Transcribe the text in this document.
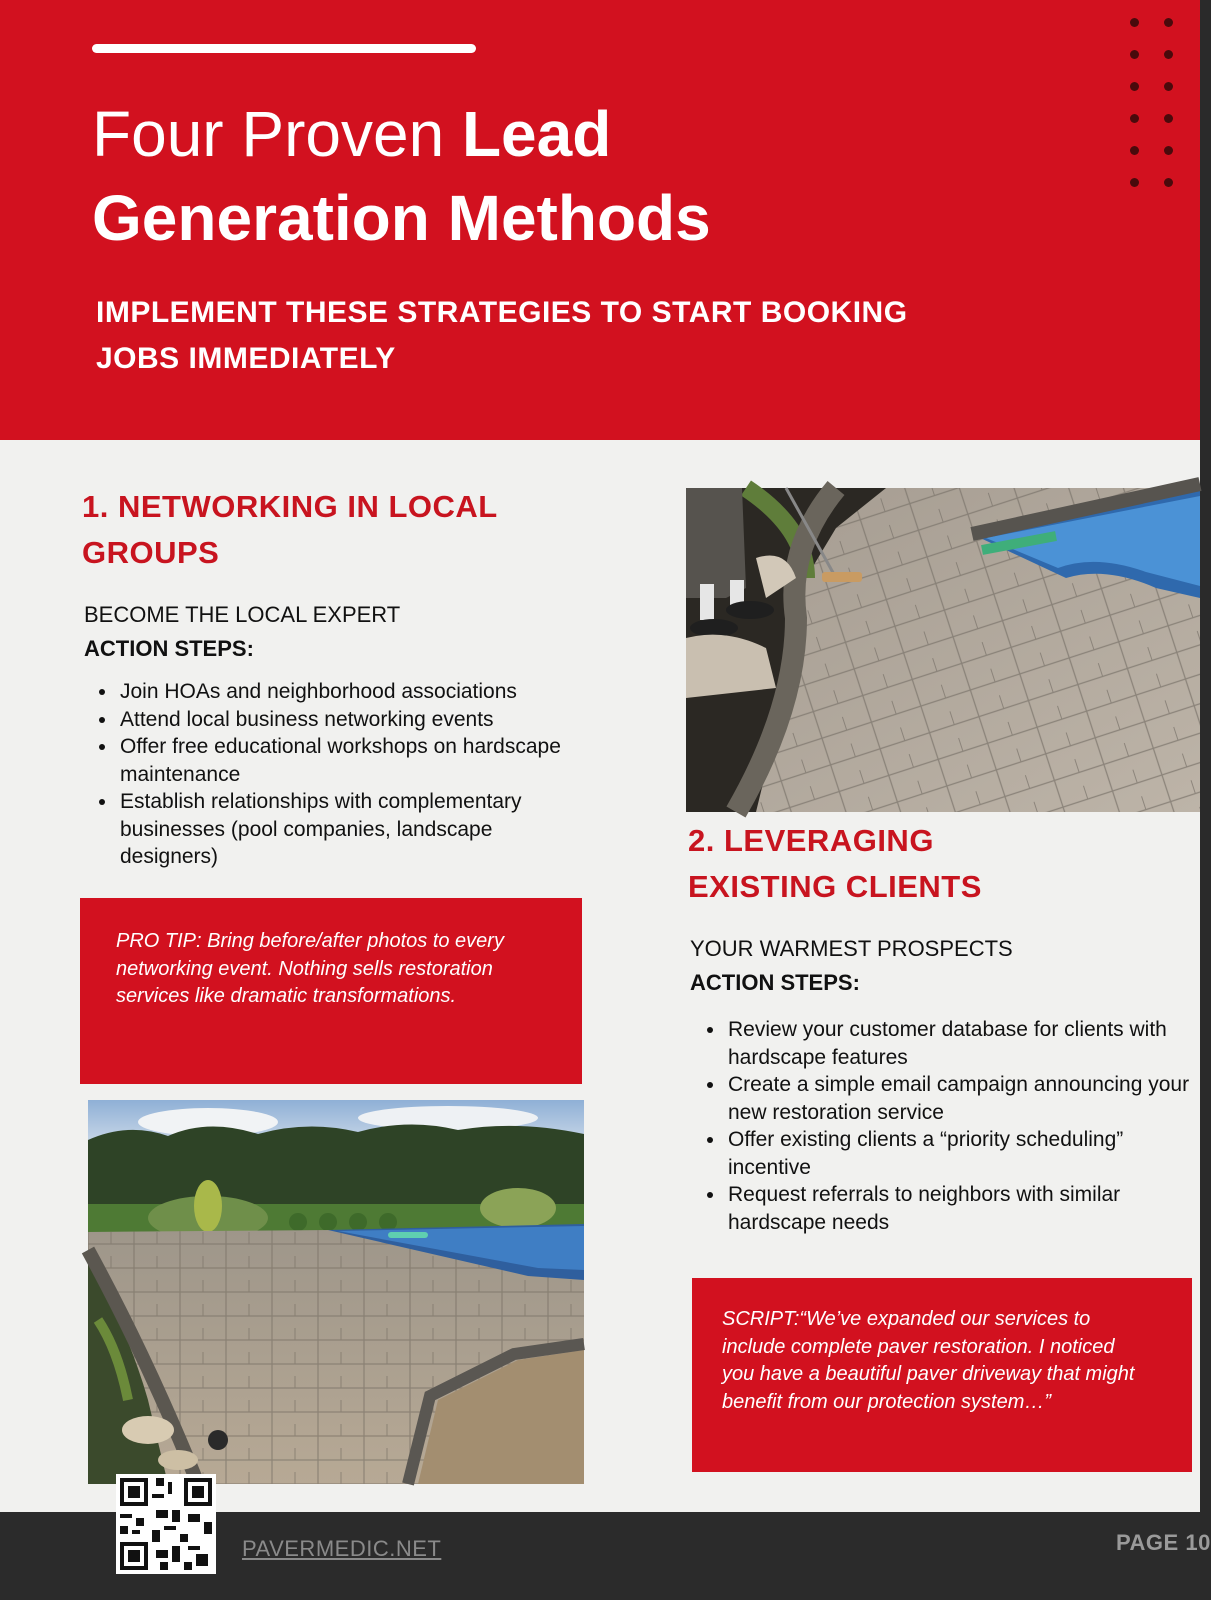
Four Proven Lead
Generation Methods

IMPLEMENT THESE STRATEGIES TO START BOOKING
JOBS IMMEDIATELY

1. NETWORKING IN LOCAL
GROUPS

BECOME THE LOCAL EXPERT

ACTION STEPS:

• Join HOAs and neighborhood associations
• Attend local business networking events
• Offer free educational workshops on hardscape maintenance
• Establish relationships with complementary businesses (pool companies, landscape designers)

PRO TIP: Bring before/after photos to every networking event. Nothing sells restoration services like dramatic transformations.

2. LEVERAGING
EXISTING CLIENTS

YOUR WARMEST PROSPECTS

ACTION STEPS:

• Review your customer database for clients with hardscape features
• Create a simple email campaign announcing your new restoration service
• Offer existing clients a “priority scheduling” incentive
• Request referrals to neighbors with similar hardscape needs

SCRIPT:“We’ve expanded our services to include complete paver restoration. I noticed you have a beautiful paver driveway that might benefit from our protection system…”

PAVERMEDIC.NET	PAGE 10
